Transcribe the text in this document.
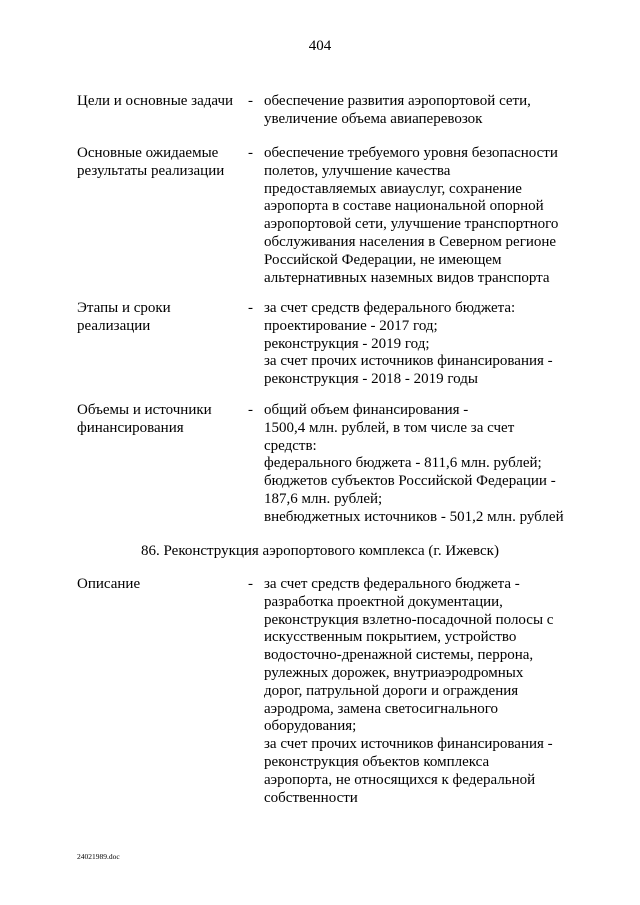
404
Цели и основные задачи - обеспечение развития аэропортовой сети,
увеличение объема авиаперевозок
Основные ожидаемые
результаты реализации
- обеспечение требуемого уровня безопасности
полетов, улучшение качества
предоставляемых авиауслуг, сохранение
аэропорта в составе национальной опорной
аэропортовой сети, улучшение транспортного
обслуживания населения в Северном регионе
Российской Федерации, не имеющем
альтернативных наземных видов транспорта
Этапы и сроки
реализации
- за счет средств федерального бюджета:
проектирование - 2017 год;
реконструкция - 2019 год;
за счет прочих источников финансирования -
реконструкция - 2018 - 2019 годы
Объемы и источники
финансирования
- общий объем финансирования -
1500,4 млн. рублей, в том числе за счет
средств:
федерального бюджета - 811,6 млн. рублей;
бюджетов субъектов Российской Федерации -
187,6 млн. рублей;
внебюджетных источников - 501,2 млн. рублей
86. Реконструкция аэропортового комплекса (г. Ижевск)
Описание	- за счет средств федерального бюджета -
разработка проектной документации,
реконструкция взлетно-посадочной полосы с
искусственным покрытием, устройство
водосточно-дренажной системы, перрона,
рулежных дорожек, внутриаэродромных
дорог, патрульной дороги и ограждения
аэродрома, замена светосигнального
оборудования;
за счет прочих источников финансирования -
реконструкция объектов комплекса
аэропорта, не относящихся к федеральной
собственности
24021989.doc
